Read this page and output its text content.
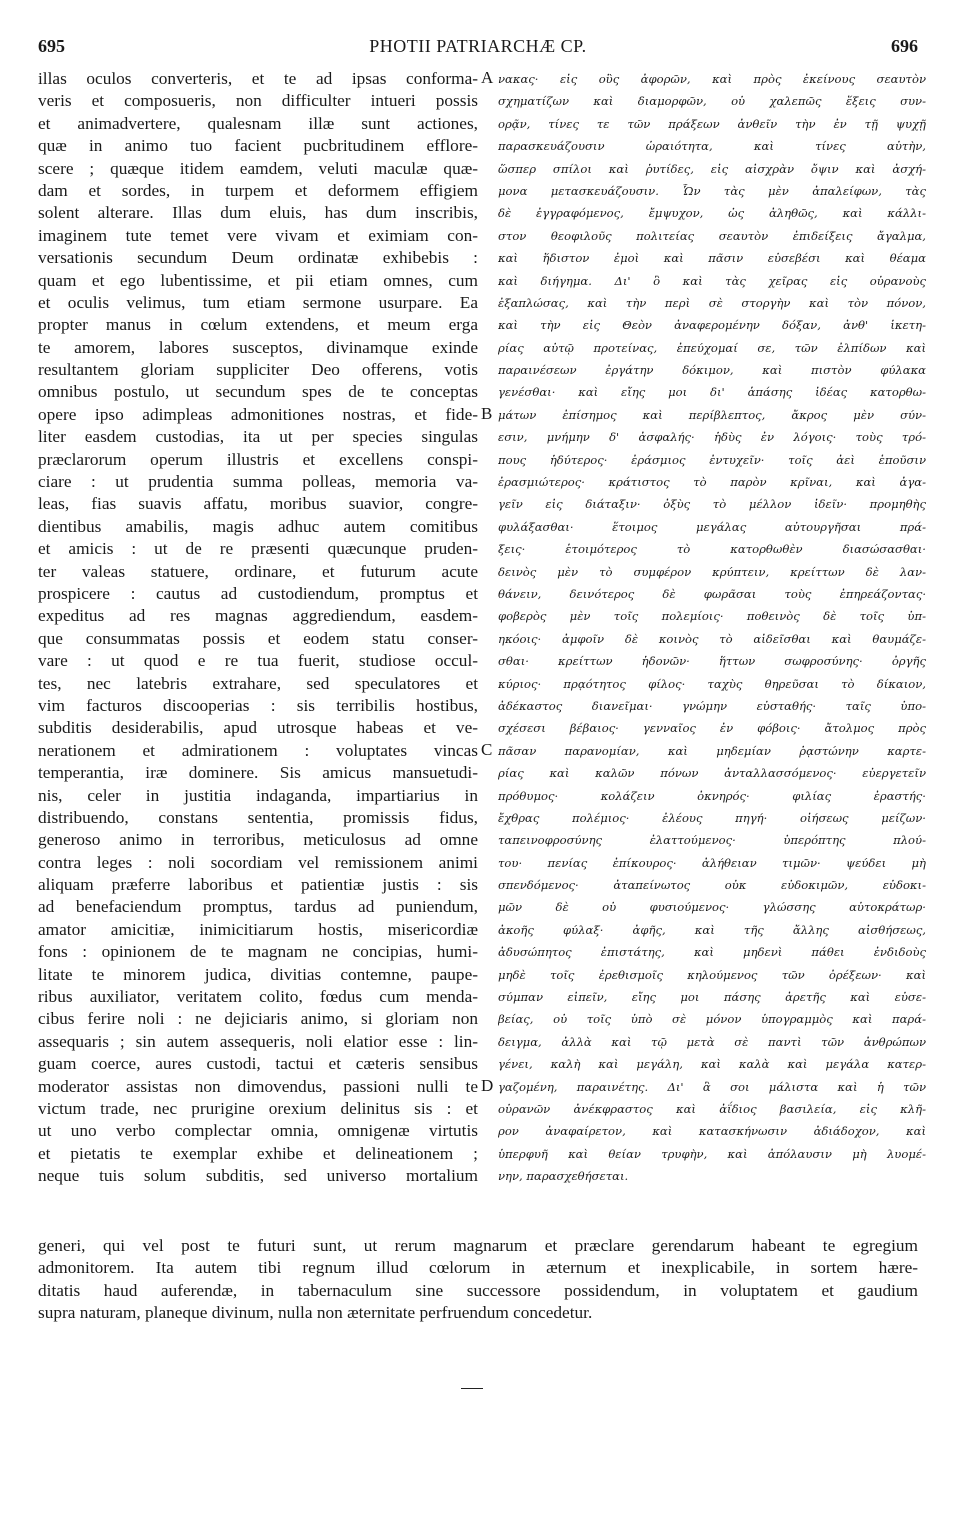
695	PHOTII PATRIARCHÆ CP.	696
illas oculos converteris, et te ad ipsas conforma-
veris et composueris, non difficulter intueri possis
et animadvertere, qualesnam illæ sunt actiones,
quæ in animo tuo facient pucbritudinem efflore-
scere ; quæque itidem eamdem, veluti maculæ quæ-
dam et sordes, in turpem et deformem effigiem
solent alterare. Illas dum eluis, has dum inscribis,
imaginem tute temet vere vivam et eximiam con-
versationis secundum Deum ordinatæ exhibebis :
quam et ego lubentissime, et pii etiam omnes, cum
et oculis velimus, tum etiam sermone usurpare. Ea
propter manus in cœlum extendens, et meum erga
te amorem, labores susceptos, divinamque exinde
resultantem gloriam suppliciter Deo offerens, votis
omnibus postulo, ut secundum spes de te conceptas
opere ipso adimpleas admonitiones nostras, et fide-
liter easdem custodias, ita ut per species singulas
præclarorum operum illustris et excellens conspi-
ciare : ut prudentia summa polleas, memoria va-
leas, fias suavis affatu, moribus suavior, congre-
dientibus amabilis, magis adhuc autem comitibus
et amicis : ut de re præsenti quæcunque pruden-
ter valeas statuere, ordinare, et futurum acute
prospicere : cautus ad custodiendum, promptus et
expeditus ad res magnas aggrediendum, easdem-
que consummatas possis et eodem statu conser-
vare : ut quod e re tua fuerit, studiose occul-
tes, nec latebris extrahare, sed speculatores et
vim facturos discooperias : sis terribilis hostibus,
subditis desiderabilis, apud utrosque habeas et ve-
nerationem et admirationem : voluptates vincas
temperantia, iræ dominere. Sis amicus mansuetudi-
nis, celer in justitia indaganda, impartiarius in
distribuendo, constans sententia, promissis fidus,
generoso animo in terroribus, meticulosus ad omne
contra leges : noli socordiam vel remissionem animi
aliquam præferre laboribus et patientiæ justis : sis
ad benefaciendum promptus, tardus ad puniendum,
amator amicitiæ, inimicitiarum hostis, misericordiæ
fons : opinionem de te magnam ne concipias, humi-
litate te minorem judica, divitias contemne, paupe-
ribus auxiliator, veritatem colito, fœdus cum menda-
cibus ferire noli : ne dejiciaris animo, si gloriam non
assequaris ; sin autem assequeris, noli elatior esse : lin-
guam coerce, aures custodi, tactui et cæteris sensibus
moderator assistas non dimovendus, passioni nulli te
victum trade, nec prurigine orexium delinitus sis : et
ut uno verbo complectar omnia, omnigenæ virtutis
et pietatis te exemplar exhibe et delineationem ;
neque tuis solum subditis, sed universo mortalium
A
B
C
D
νακας· εἰς οὓς ἀφορῶν, καὶ πρὸς ἐκείνους σεαυτὸν
σχηματίζων καὶ διαμορφῶν, οὐ χαλεπῶς ἕξεις συν-
ορᾷν, τίνες τε τῶν πράξεων ἀνθεῖν τὴν ἐν τῇ ψυχῇ
παρασκευάζουσιν ὡραιότητα, καὶ τίνες αὐτὴν,
ὥσπερ σπίλοι καὶ ῥυτίδες, εἰς αἰσχρὰν ὄψιν καὶ ἀσχή-
μονα μετασκευάζουσιν. Ὧν τὰς μὲν ἀπαλείφων, τὰς
δὲ ἐγγραφόμενος, ἔμψυχον, ὡς ἀληθῶς, καὶ κάλλι-
στον θεοφιλοῦς πολιτείας σεαυτὸν ἐπιδείξεις ἄγαλμα,
καὶ ἥδιστον ἐμοὶ καὶ πᾶσιν εὐσεβέσι καὶ θέαμα
καὶ διήγημα. Δι' ὃ καὶ τὰς χεῖρας εἰς οὐρανοὺς
ἐξαπλώσας, καὶ τὴν περὶ σὲ στοργὴν καὶ τὸν πόνον,
καὶ τὴν εἰς Θεὸν ἀναφερομένην δόξαν, ἀνθ' ἱκετη-
ρίας αὐτῷ προτείνας, ἐπεύχομαί σε, τῶν ἐλπίδων καὶ
παραινέσεων ἐργάτην δόκιμον, καὶ πιστὸν φύλακα
γενέσθαι· καὶ εἴης μοι δι' ἁπάσης ἰδέας κατορθω-
μάτων ἐπίσημος καὶ περίβλεπτος, ἄκρος μὲν σύν-
εσιν, μνήμην δ' ἀσφαλής· ἡδὺς ἐν λόγοις· τοὺς τρό-
πους ἡδύτερος· ἐράσμιος ἐντυχεῖν· τοῖς ἀεὶ ἑποῦσιν
ἐρασμιώτερος· κράτιστος τὸ παρὸν κρῖναι, καὶ ἀγα-
γεῖν εἰς διάταξιν· ὀξὺς τὸ μέλλον ἰδεῖν· προμηθὴς
φυλάξασθαι· ἕτοιμος μεγάλας αὐτουργῆσαι πρά-
ξεις· ἑτοιμότερος τὸ κατορθωθὲν διασώσασθαι·
δεινὸς μὲν τὸ συμφέρον κρύπτειν, κρείττων δὲ λαν-
θάνειν, δεινότερος δὲ φωρᾶσαι τοὺς ἐπηρεάζοντας·
φοβερὸς μὲν τοῖς πολεμίοις· ποθεινὸς δὲ τοῖς ὑπ-
ηκόοις· ἀμφοῖν δὲ κοινὸς τὸ αἰδεῖσθαι καὶ θαυμάζε-
σθαι· κρείττων ἡδονῶν· ἥττων σωφροσύνης· ὀργῆς
κύριος· πρᾳότητος φίλος· ταχὺς θηρεῦσαι τὸ δίκαιον,
ἀδέκαστος διανεῖμαι· γνώμην εὐσταθής· ταῖς ὑπο-
σχέσεσι βέβαιος· γενναῖος ἐν φόβοις· ἄτολμος πρὸς
πᾶσαν παρανομίαν, καὶ μηδεμίαν ῥᾳστώνην καρτε-
ρίας καὶ καλῶν πόνων ἀνταλλασσόμενος· εὐεργετεῖν
πρόθυμος· κολάζειν ὀκνηρός· φιλίας ἐραστής·
ἔχθρας πολέμιος· ἐλέους πηγή· οἰήσεως μείζων·
ταπεινοφροσύνης ἐλαττούμενος· ὑπερόπτης πλού-
του· πενίας ἐπίκουρος· ἀλήθειαν τιμῶν· ψεύδει μὴ
σπενδόμενος· ἀταπείνωτος οὐκ εὐδοκιμῶν, εὐδοκι-
μῶν δὲ οὐ φυσιούμενος· γλώσσης αὐτοκράτωρ·
ἀκοῆς φύλαξ· ἀφῆς, καὶ τῆς ἄλλης αἰσθήσεως,
ἀδυσώπητος ἐπιστάτης, καὶ μηδενὶ πάθει ἐνδιδοὺς
μηδὲ τοῖς ἐρεθισμοῖς κηλούμενος τῶν ὀρέξεων· καὶ
σύμπαν εἰπεῖν, εἴης μοι πάσης ἀρετῆς καὶ εὐσε-
βείας, οὐ τοῖς ὑπὸ σὲ μόνον ὑπογραμμὸς καὶ παρά-
δειγμα, ἀλλὰ καὶ τῷ μετὰ σὲ παντὶ τῶν ἀνθρώπων
γένει, καλὴ καὶ μεγάλη, καὶ καλὰ καὶ μεγάλα κατερ-
γαζομένη, παραινέτης. Δι' ἃ σοι μάλιστα καὶ ἡ τῶν
οὐρανῶν ἀνέκφραστος καὶ ἀΐδιος βασιλεία, εἰς κλῆ-
ρον ἀναφαίρετον, καὶ κατασκήνωσιν ἀδιάδοχον, καὶ
ὑπερφυῆ καὶ θείαν τρυφὴν, καὶ ἀπόλαυσιν μὴ λυομέ-
νην, παρασχεθήσεται.
generi, qui vel post te futuri sunt, ut rerum magnarum et præclare gerendarum habeant te egregium
admonitorem. Ita autem tibi regnum illud cœlorum in æternum et inexplicabile, in sortem hære-
ditatis haud auferendæ, in tabernaculum sine successore possidendum, in voluptatem et gaudium
supra naturam, planeque divinum, nulla non æternitate perfruendum concedetur.
